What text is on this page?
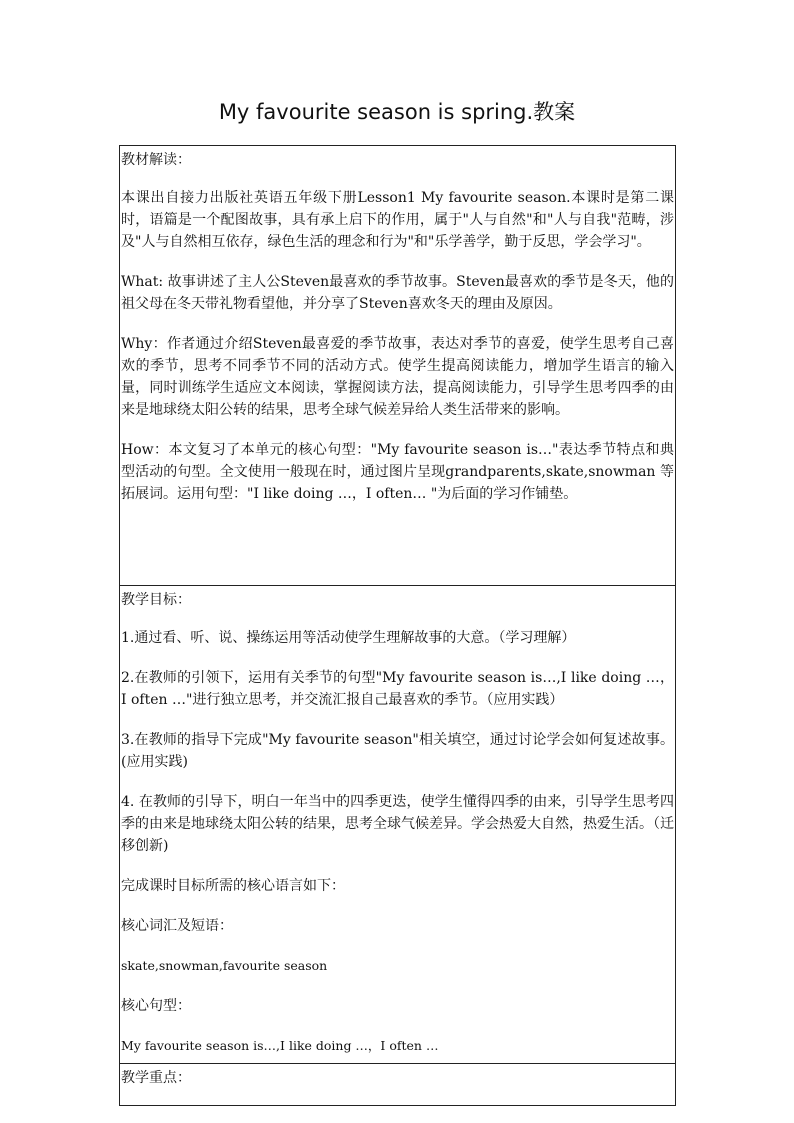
My favourite season is spring.教案

教材解读：

本课出自接力出版社英语五年级下册Lesson1 My favourite season.本课时是第二课时，语篇是一个配图故事，具有承上启下的作用，属于"人与自然"和"人与自我"范畴，涉及"人与自然相互依存，绿色生活的理念和行为"和"乐学善学，勤于反思，学会学习"。

What: 故事讲述了主人公Steven最喜欢的季节故事。Steven最喜欢的季节是冬天，他的祖父母在冬天带礼物看望他，并分享了Steven喜欢冬天的理由及原因。

Why：作者通过介绍Steven最喜爱的季节故事，表达对季节的喜爱，使学生思考自己喜欢的季节，思考不同季节不同的活动方式。使学生提高阅读能力，增加学生语言的输入量，同时训练学生适应文本阅读，掌握阅读方法，提高阅读能力，引导学生思考四季的由来是地球绕太阳公转的结果，思考全球气候差异给人类生活带来的影响。

How：本文复习了本单元的核心句型："My favourite season is…"表达季节特点和典型活动的句型。全文使用一般现在时，通过图片呈现grandparents,skate,snowman 等拓展词。运用句型："I like doing …，I often… "为后面的学习作铺垫。

教学目标：

1.通过看、听、说、操练运用等活动使学生理解故事的大意。（学习理解）

2.在教师的引领下，运用有关季节的句型"My favourite season is…,I like doing …，I often …"进行独立思考，并交流汇报自己最喜欢的季节。（应用实践）

3.在教师的指导下完成"My favourite season"相关填空，通过讨论学会如何复述故事。(应用实践)

4. 在教师的引导下，明白一年当中的四季更迭，使学生懂得四季的由来，引导学生思考四季的由来是地球绕太阳公转的结果，思考全球气候差异。学会热爱大自然，热爱生活。（迁移创新)

完成课时目标所需的核心语言如下：

核心词汇及短语：

skate,snowman,favourite season

核心句型：

My favourite season is…,I like doing …，I often …

教学重点：
